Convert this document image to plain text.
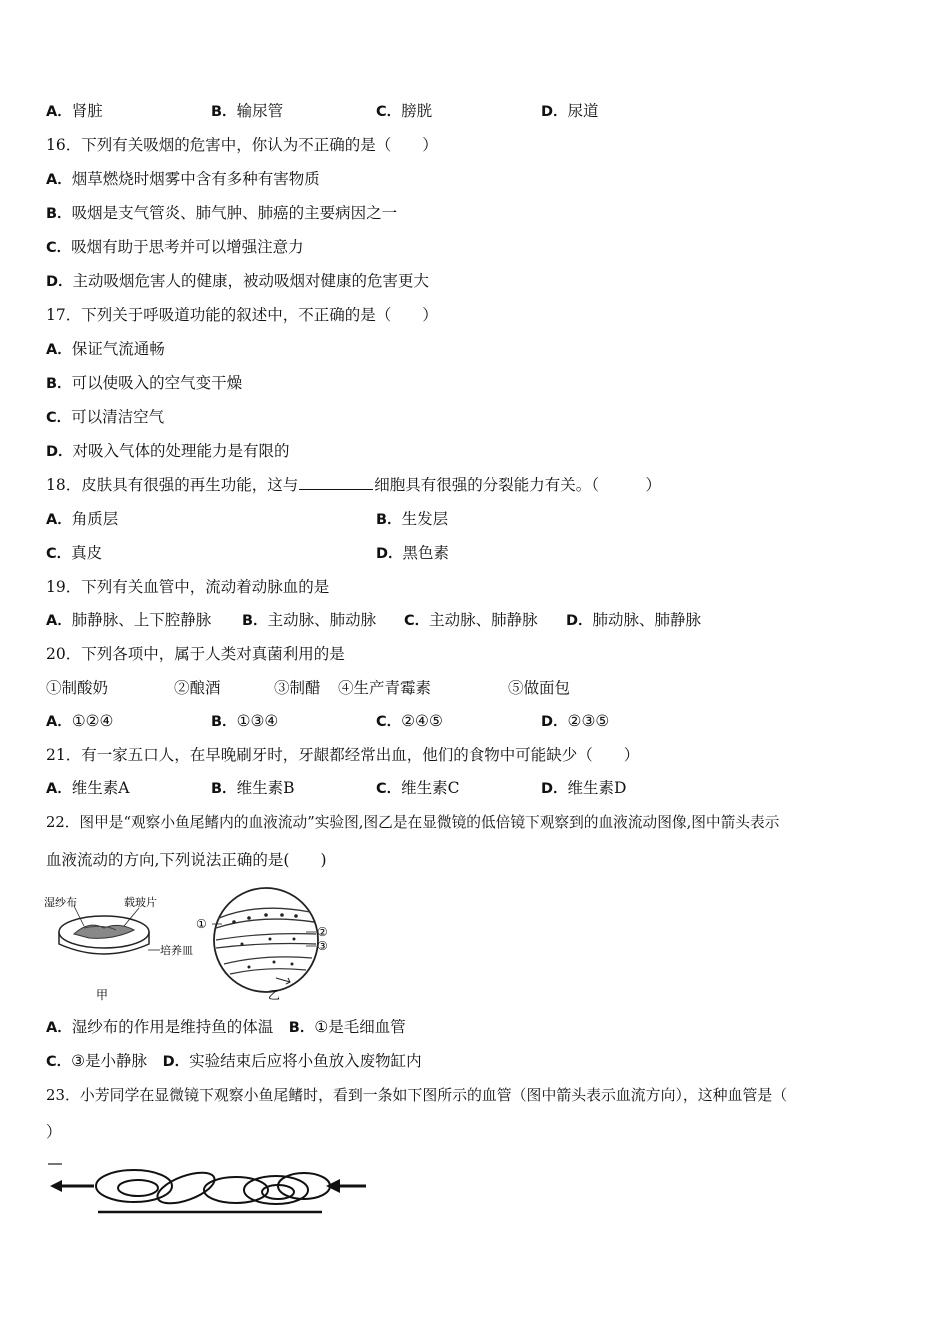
A．肾脏	B．输尿管	C．膀胱	D．尿道
16．下列有关吸烟的危害中，你认为不正确的是（　　）
A．烟草燃烧时烟雾中含有多种有害物质
B．吸烟是支气管炎、肺气肿、肺癌的主要病因之一
C．吸烟有助于思考并可以增强注意力
D．主动吸烟危害人的健康，被动吸烟对健康的危害更大
17．下列关于呼吸道功能的叙述中，不正确的是（　　）
A．保证气流通畅
B．可以使吸入的空气变干燥
C．可以清洁空气
D．对吸入气体的处理能力是有限的
18．皮肤具有很强的再生功能，这与	细胞具有很强的分裂能力有关。（　　　）
A．角质层	B．生发层
C．真皮	D．黑色素
19．下列有关血管中，流动着动脉血的是
A．肺静脉、上下腔静脉 B．主动脉、肺动脉 C．主动脉、肺静脉 D．肺动脉、肺静脉
20．下列各项中，属于人类对真菌利用的是
①制酸奶	②酿酒	③制醋 ④生产青霉素	⑤做面包
A．①②④	B．①③④	C．②④⑤	D．②③⑤
21．有一家五口人，在早晚刷牙时，牙龈都经常出血，他们的食物中可能缺少（　　）
A．维生素A	B．维生素B	C．维生素C	D．维生素D
22．图甲是“观察小鱼尾鳍内的血液流动”实验图,图乙是在显微镜的低倍镜下观察到的血液流动图像,图中箭头表示
血液流动的方向,下列说法正确的是(　　)
湿纱布	载玻片
培养皿
甲
①
②
③
乙
A．湿纱布的作用是维持鱼的体温　 B．①是毛细血管
C．③是小静脉　 D．实验结束后应将小鱼放入废物缸内
23．小芳同学在显微镜下观察小鱼尾鳍时，看到一条如下图所示的血管（图中箭头表示血流方向），这种血管是（
）
